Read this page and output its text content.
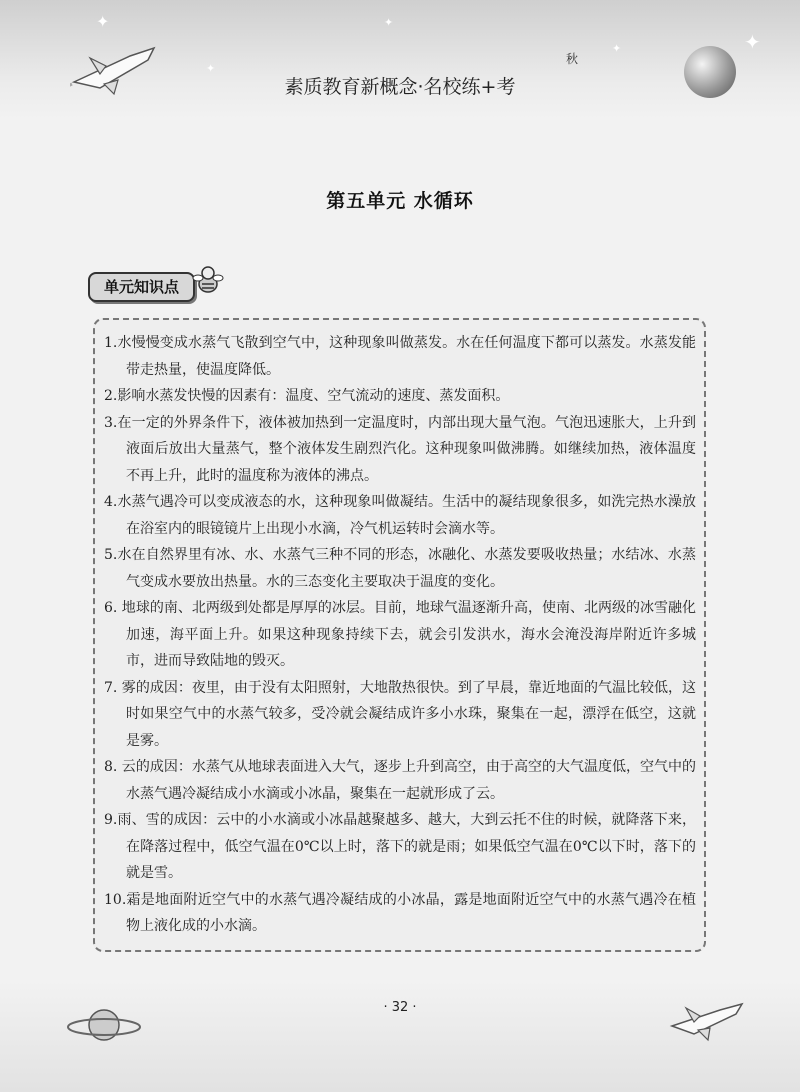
✦
✦
✦
✦
✦
素质教育新概念·名校练+考
秋
第五单元 水循环
单元知识点
1.水慢慢变成水蒸气飞散到空气中，这种现象叫做蒸发。水在任何温度下都可以蒸发。水蒸发能带走热量，使温度降低。
2.影响水蒸发快慢的因素有：温度、空气流动的速度、蒸发面积。
3.在一定的外界条件下，液体被加热到一定温度时，内部出现大量气泡。气泡迅速胀大，上升到液面后放出大量蒸气，整个液体发生剧烈汽化。这种现象叫做沸腾。如继续加热，液体温度不再上升，此时的温度称为液体的沸点。
4.水蒸气遇冷可以变成液态的水，这种现象叫做凝结。生活中的凝结现象很多，如洗完热水澡放在浴室内的眼镜镜片上出现小水滴，冷气机运转时会滴水等。
5.水在自然界里有冰、水、水蒸气三种不同的形态，冰融化、水蒸发要吸收热量；水结冰、水蒸气变成水要放出热量。水的三态变化主要取决于温度的变化。
6. 地球的南、北两级到处都是厚厚的冰层。目前，地球气温逐渐升高，使南、北两级的冰雪融化加速，海平面上升。如果这种现象持续下去，就会引发洪水，海水会淹没海岸附近许多城市，进而导致陆地的毁灭。
7. 雾的成因：夜里，由于没有太阳照射，大地散热很快。到了早晨，靠近地面的气温比较低，这时如果空气中的水蒸气较多，受冷就会凝结成许多小水珠，聚集在一起，漂浮在低空，这就是雾。
8. 云的成因：水蒸气从地球表面进入大气，逐步上升到高空，由于高空的大气温度低，空气中的水蒸气遇冷凝结成小水滴或小冰晶，聚集在一起就形成了云。
9.雨、雪的成因：云中的小水滴或小冰晶越聚越多、越大，大到云托不住的时候，就降落下来，在降落过程中，低空气温在0℃以上时，落下的就是雨；如果低空气温在0℃以下时，落下的就是雪。
10.霜是地面附近空气中的水蒸气遇冷凝结成的小冰晶，露是地面附近空气中的水蒸气遇冷在植物上液化成的小水滴。
· 32 ·
